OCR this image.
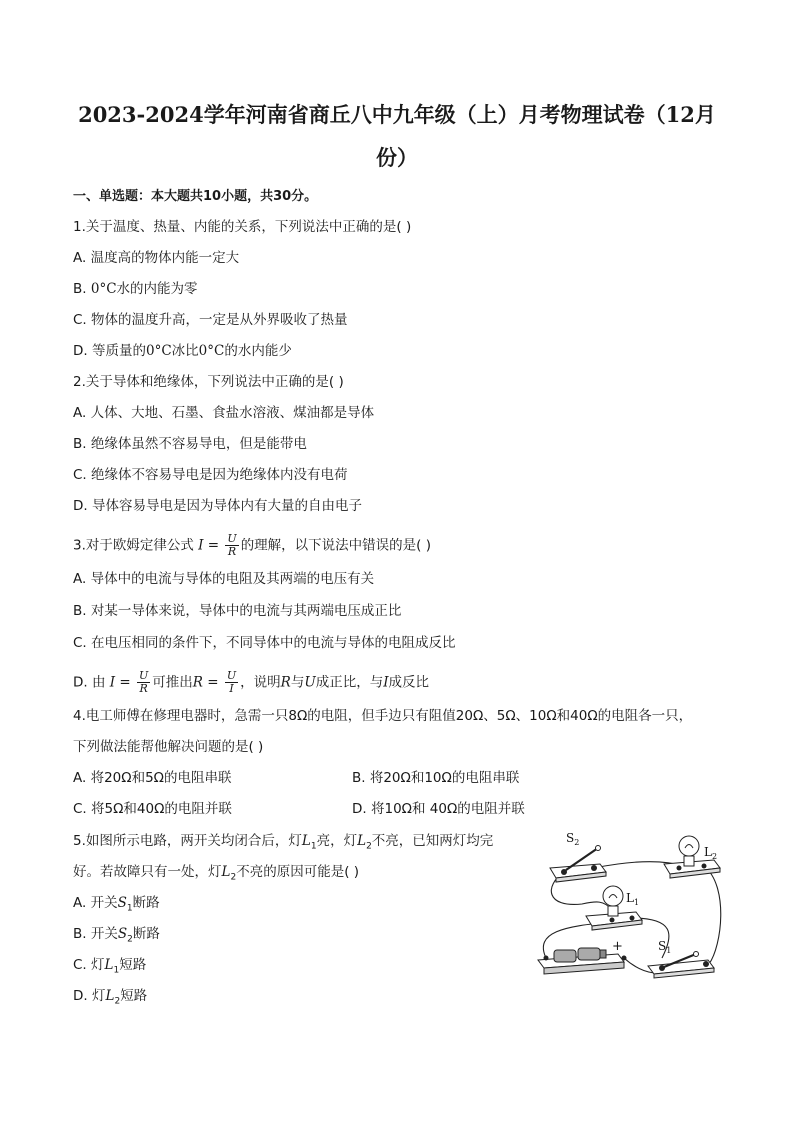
2023-2024学年河南省商丘八中九年级（上）月考物理试卷（12月
份）
一、单选题：本大题共10小题，共30分。
1.关于温度、热量、内能的关系，下列说法中正确的是( )
A. 温度高的物体内能一定大
B. 0°C水的内能为零
C. 物体的温度升高，一定是从外界吸收了热量
D. 等质量的0°C冰比0°C的水内能少
2.关于导体和绝缘体，下列说法中正确的是( )
A. 人体、大地、石墨、食盐水溶液、煤油都是导体
B. 绝缘体虽然不容易导电，但是能带电
C. 绝缘体不容易导电是因为绝缘体内没有电荷
D. 导体容易导电是因为导体内有大量的自由电子
3.对于欧姆定律公式 $I = \frac{U}{R}$ 的理解，以下说法中错误的是( )
A. 导体中的电流与导体的电阻及其两端的电压有关
B. 对某一导体来说，导体中的电流与其两端电压成正比
C. 在电压相同的条件下，不同导体中的电流与导体的电阻成反比
D. 由 $I = \frac{U}{R}$ 可推出$R = \frac{U}{I}$ ，说明R与U成正比，与I成反比
4.电工师傅在修理电器时，急需一只8Ω的电阻，但手边只有阻值20Ω、5Ω、10Ω和40Ω的电阻各一只，
下列做法能帮他解决问题的是( )
A. 将20Ω和5Ω的电阻串联	B. 将20Ω和10Ω的电阻串联
C. 将5Ω和40Ω的电阻并联	D. 将10Ω和 40Ω的电阻并联
5.如图所示电路，两开关均闭合后，灯$L_1$亮，灯$L_2$不亮，已知两灯均完
好。若故障只有一处，灯$L_2$不亮的原因可能是( )
A. 开关$S_1$断路
B. 开关$S_2$断路
C. 灯$L_1$短路
D. 灯$L_2$短路
$S_2$
$L_2$
$L_1$
$S_1$
+
